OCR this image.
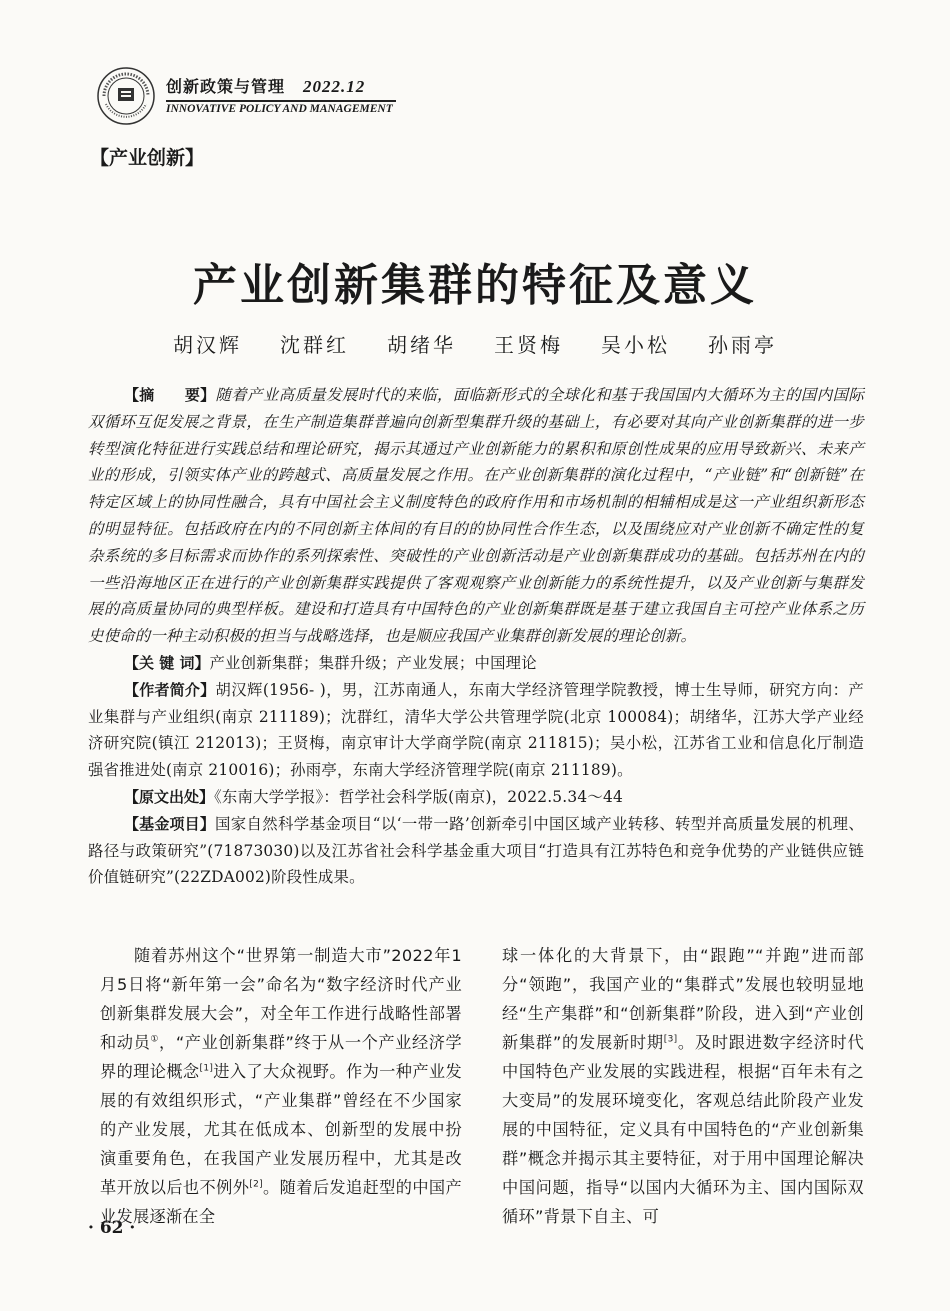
创新政策与管理 2022.12
INNOVATIVE POLICY AND MANAGEMENT
【产业创新】
产业创新集群的特征及意义
胡汉辉 沈群红 胡绪华 王贤梅 吴小松 孙雨亭

【摘　　要】随着产业高质量发展时代的来临，面临新形式的全球化和基于我国国内大循环为主的国内国际双循环互促发展之背景，在生产制造集群普遍向创新型集群升级的基础上，有必要对其向产业创新集群的进一步转型演化特征进行实践总结和理论研究，揭示其通过产业创新能力的累积和原创性成果的应用导致新兴、未来产业的形成，引领实体产业的跨越式、高质量发展之作用。在产业创新集群的演化过程中，“产业链”和“创新链”在特定区域上的协同性融合，具有中国社会主义制度特色的政府作用和市场机制的相辅相成是这一产业组织新形态的明显特征。包括政府在内的不同创新主体间的有目的的协同性合作生态，以及围绕应对产业创新不确定性的复杂系统的多目标需求而协作的系列探索性、突破性的产业创新活动是产业创新集群成功的基础。包括苏州在内的一些沿海地区正在进行的产业创新集群实践提供了客观观察产业创新能力的系统性提升，以及产业创新与集群发展的高质量协同的典型样板。建设和打造具有中国特色的产业创新集群既是基于建立我国自主可控产业体系之历史使命的一种主动积极的担当与战略选择，也是顺应我国产业集群创新发展的理论创新。

【关 键 词】产业创新集群；集群升级；产业发展；中国理论

【作者简介】胡汉辉(1956- )，男，江苏南通人，东南大学经济管理学院教授，博士生导师，研究方向：产业集群与产业组织(南京 211189)；沈群红，清华大学公共管理学院(北京 100084)；胡绪华，江苏大学产业经济研究院(镇江 212013)；王贤梅，南京审计大学商学院(南京 211815)；吴小松，江苏省工业和信息化厅制造强省推进处(南京 210016)；孙雨亭，东南大学经济管理学院(南京 211189)。

【原文出处】《东南大学学报》：哲学社会科学版(南京)，2022.5.34～44

【基金项目】国家自然科学基金项目“以‘一带一路’创新牵引中国区域产业转移、转型并高质量发展的机理、路径与政策研究”(71873030)以及江苏省社会科学基金重大项目“打造具有江苏特色和竞争优势的产业链供应链价值链研究”(22ZDA002)阶段性成果。

随着苏州这个“世界第一制造大市”2022年1月5日将“新年第一会”命名为“数字经济时代产业创新集群发展大会”，对全年工作进行战略性部署和动员①，“产业创新集群”终于从一个产业经济学界的理论概念[1]进入了大众视野。作为一种产业发展的有效组织形式，“产业集群”曾经在不少国家的产业发展，尤其在低成本、创新型的发展中扮演重要角色，在我国产业发展历程中，尤其是改革开放以后也不例外[2]。随着后发追赶型的中国产业发展逐渐在全

球一体化的大背景下，由“跟跑”“并跑”进而部分“领跑”，我国产业的“集群式”发展也较明显地经“生产集群”和“创新集群”阶段，进入到“产业创新集群”的发展新时期[3]。及时跟进数字经济时代中国特色产业发展的实践进程，根据“百年未有之大变局”的发展环境变化，客观总结此阶段产业发展的中国特征，定义具有中国特色的“产业创新集群”概念并揭示其主要特征，对于用中国理论解决中国问题，指导“以国内大循环为主、国内国际双循环”背景下自主、可

· 62 ·
